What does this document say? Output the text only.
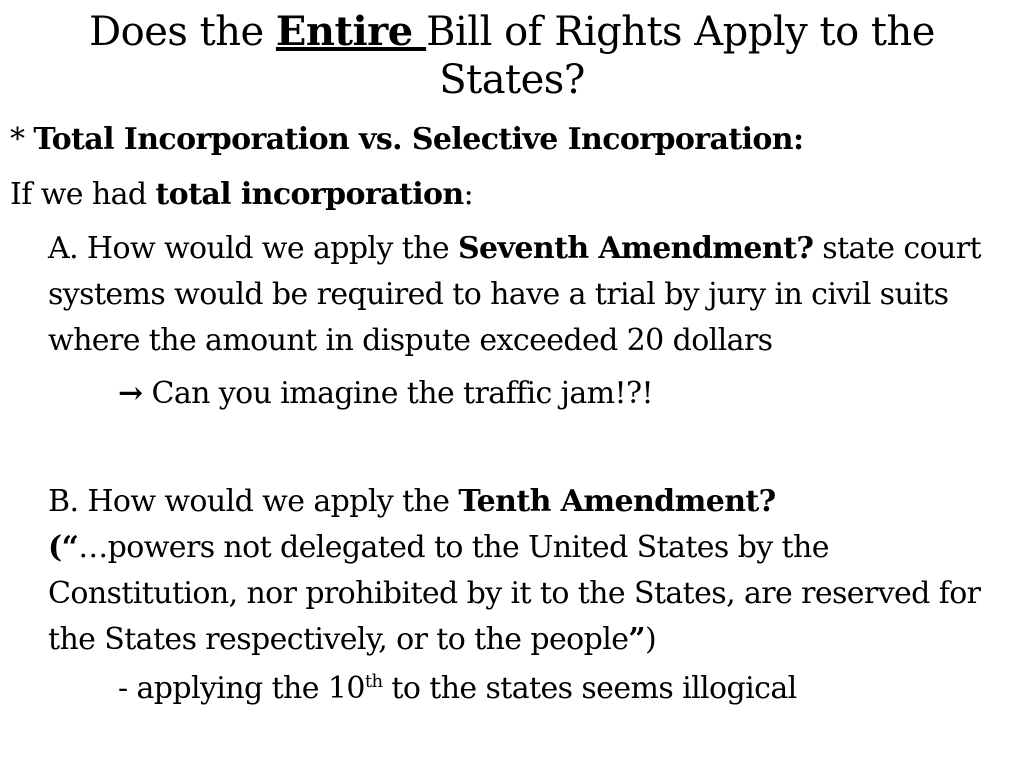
Does the Entire Bill of Rights Apply to the States?
* Total Incorporation vs. Selective Incorporation:
If we had total incorporation:
A. How would we apply the Seventh Amendment? state court systems would be required to have a trial by jury in civil suits where the amount in dispute exceeded 20 dollars
→ Can you imagine the traffic jam!?!
B. How would we apply the Tenth Amendment?
(“…powers not delegated to the United States by the Constitution, nor prohibited by it to the States, are reserved for the States respectively, or to the people”)
- applying the 10th to the states seems illogical
